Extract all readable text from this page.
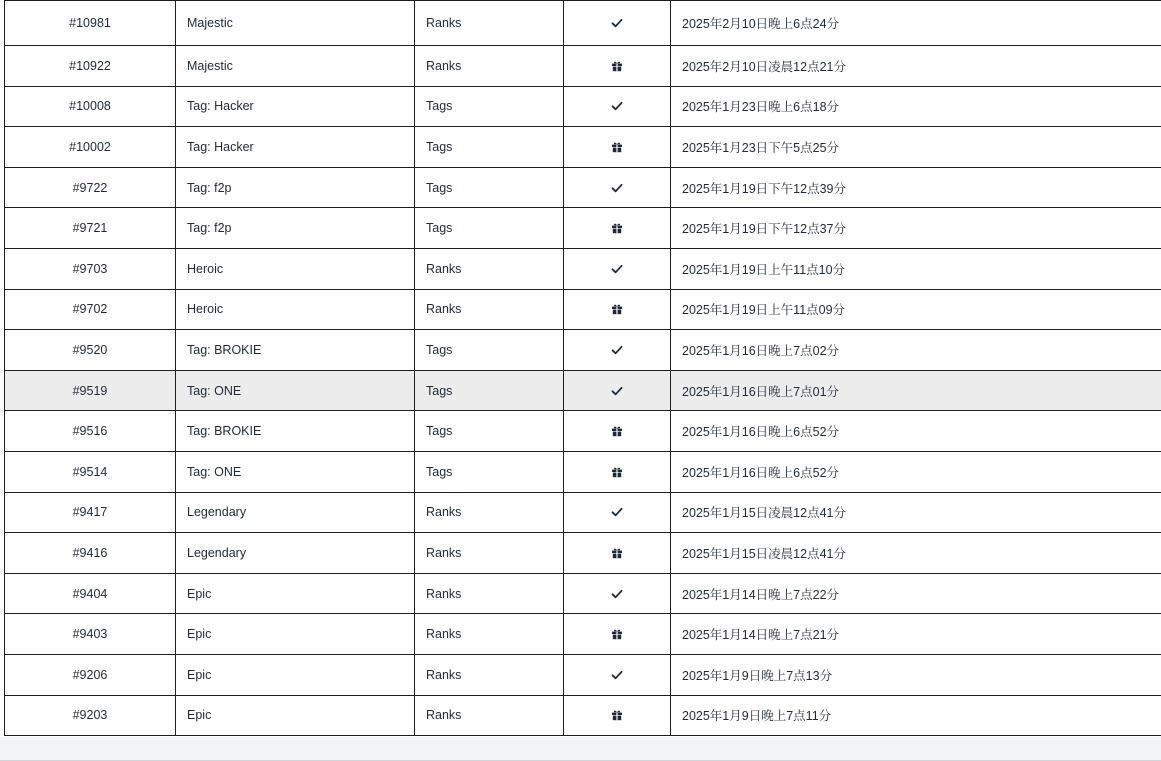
#10981	Majestic	Ranks	2025年2月10日晚上6点24分
#10922	Majestic	Ranks	2025年2月10日凌晨12点21分
#10008	Tag: Hacker	Tags	2025年1月23日晚上6点18分
#10002	Tag: Hacker	Tags	2025年1月23日下午5点25分
#9722	Tag: f2p	Tags	2025年1月19日下午12点39分
#9721	Tag: f2p	Tags	2025年1月19日下午12点37分
#9703	Heroic	Ranks	2025年1月19日上午11点10分
#9702	Heroic	Ranks	2025年1月19日上午11点09分
#9520	Tag: BROKIE	Tags	2025年1月16日晚上7点02分
#9519	Tag: ONE	Tags	2025年1月16日晚上7点01分
#9516	Tag: BROKIE	Tags	2025年1月16日晚上6点52分
#9514	Tag: ONE	Tags	2025年1月16日晚上6点52分
#9417	Legendary	Ranks	2025年1月15日凌晨12点41分
#9416	Legendary	Ranks	2025年1月15日凌晨12点41分
#9404	Epic	Ranks	2025年1月14日晚上7点22分
#9403	Epic	Ranks	2025年1月14日晚上7点21分
#9206	Epic	Ranks	2025年1月9日晚上7点13分
#9203	Epic	Ranks	2025年1月9日晚上7点11分
